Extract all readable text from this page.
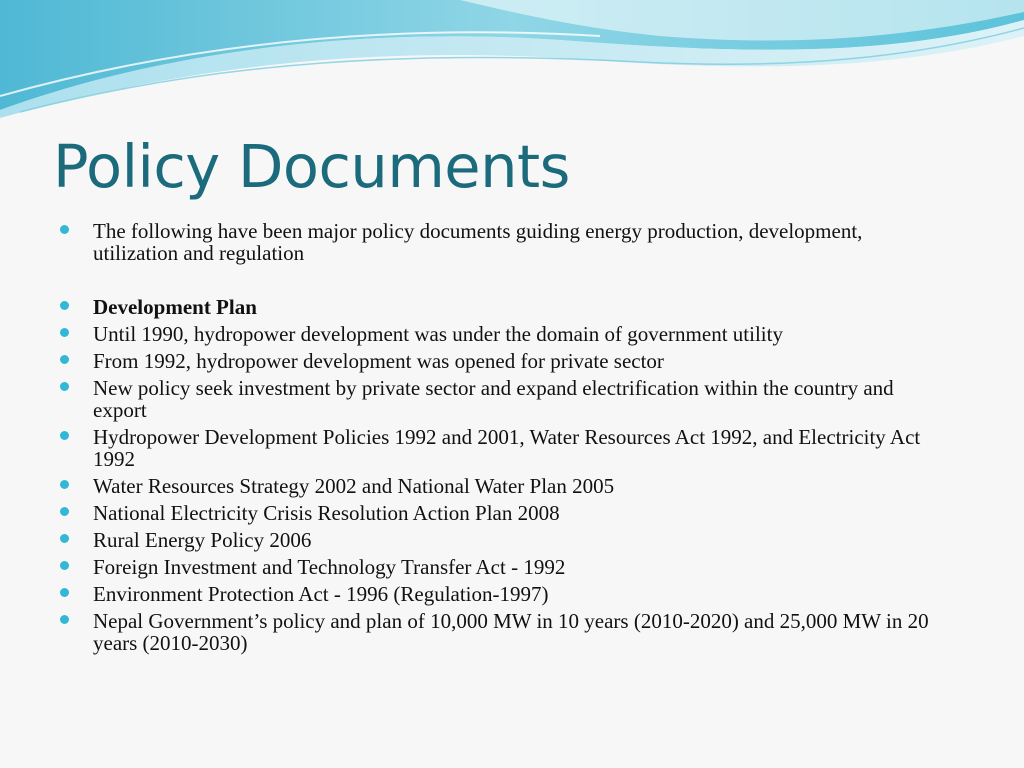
Policy Documents
The following have been major policy documents guiding energy production, development, utilization and regulation
Development Plan
Until 1990, hydropower development was under the domain of government utility
From 1992, hydropower development was opened for private sector
New policy seek investment by private sector and expand electrification within the country and export
Hydropower Development Policies 1992 and 2001, Water Resources Act 1992, and Electricity Act 1992
Water Resources Strategy 2002 and National Water Plan 2005
National Electricity Crisis Resolution Action Plan 2008
Rural Energy Policy 2006
Foreign Investment and Technology Transfer Act - 1992
Environment Protection Act - 1996 (Regulation-1997)
Nepal Government’s policy and plan of 10,000 MW in 10 years (2010-2020) and 25,000 MW in 20 years (2010-2030)
